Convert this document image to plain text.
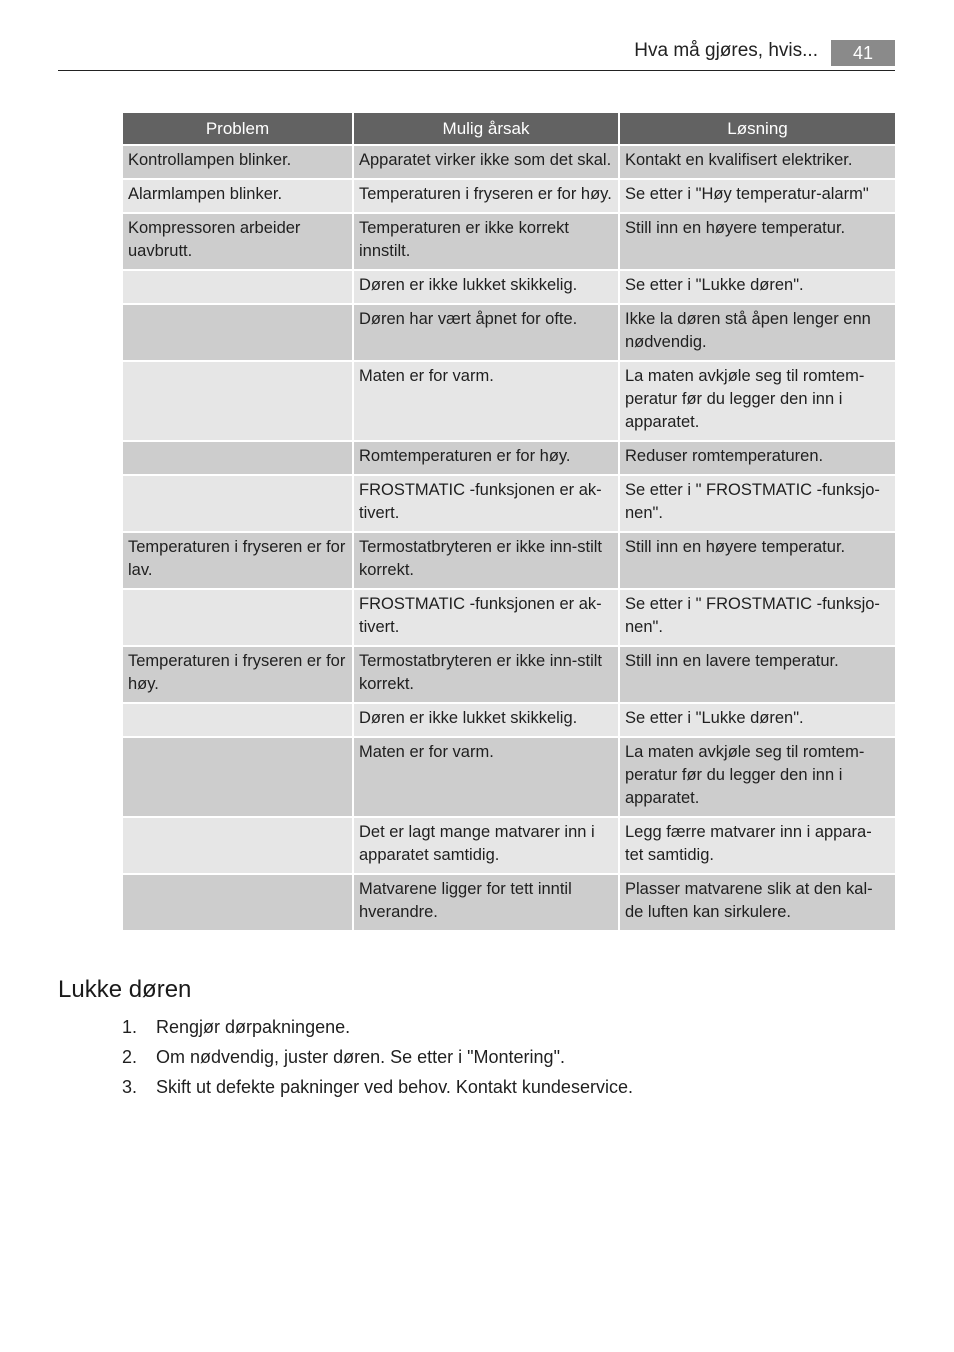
Hva må gjøres, hvis...	41
Problem	Mulig årsak	Løsning
Kontrollampen blinker.	Apparatet virker ikke som det skal.	Kontakt en kvalifisert elektriker.
Alarmlampen blinker.	Temperaturen i fryseren er for høy.	Se etter i "Høy temperatur-alarm"
Kompressoren arbeider uavbrutt.	Temperaturen er ikke korrekt innstilt.	Still inn en høyere temperatur.
	Døren er ikke lukket skikkelig.	Se etter i "Lukke døren".
	Døren har vært åpnet for ofte.	Ikke la døren stå åpen lenger enn nødvendig.
	Maten er for varm.	La maten avkjøle seg til romtem-peratur før du legger den inn i apparatet.
	Romtemperaturen er for høy.	Reduser romtemperaturen.
	FROSTMATIC -funksjonen er ak-tivert.	Se etter i " FROSTMATIC -funksjo-nen".
Temperaturen i fryseren er for lav.	Termostatbryteren er ikke inn-stilt korrekt.	Still inn en høyere temperatur.
	FROSTMATIC -funksjonen er ak-tivert.	Se etter i " FROSTMATIC -funksjo-nen".
Temperaturen i fryseren er for høy.	Termostatbryteren er ikke inn-stilt korrekt.	Still inn en lavere temperatur.
	Døren er ikke lukket skikkelig.	Se etter i "Lukke døren".
	Maten er for varm.	La maten avkjøle seg til romtem-peratur før du legger den inn i apparatet.
	Det er lagt mange matvarer inn i apparatet samtidig.	Legg færre matvarer inn i appara-tet samtidig.
	Matvarene ligger for tett inntil hverandre.	Plasser matvarene slik at den kal-de luften kan sirkulere.
Lukke døren
1. Rengjør dørpakningene.
2. Om nødvendig, juster døren. Se etter i "Montering".
3. Skift ut defekte pakninger ved behov. Kontakt kundeservice.
